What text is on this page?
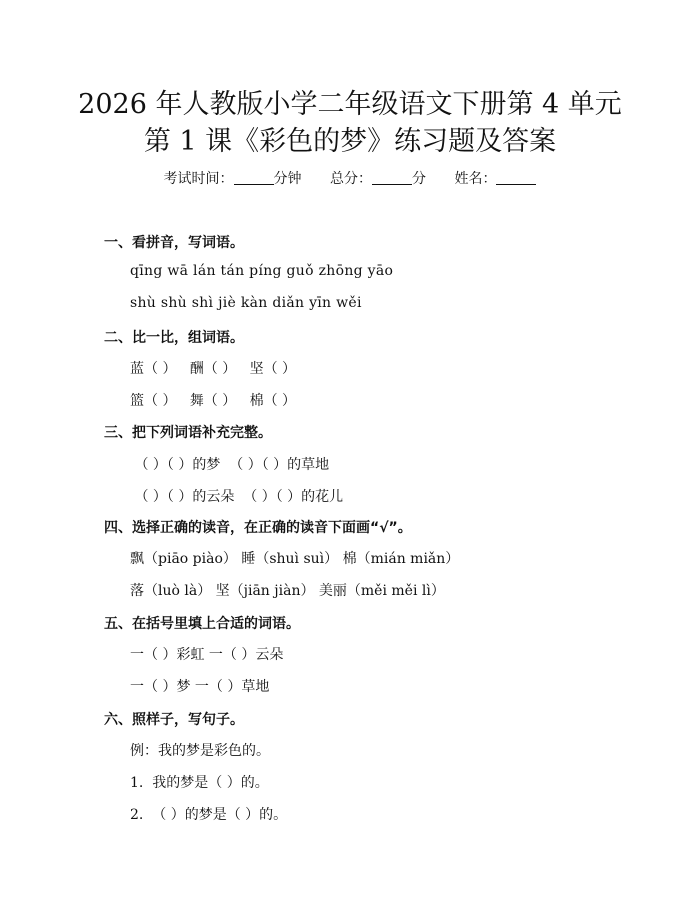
2026 年人教版小学二年级语文下册第 4 单元
第 1 课《彩色的梦》练习题及答案
考试时间：	分钟 总分：	分 姓名：
一、看拼音，写词语。
qīng wā lán tán píng guǒ zhōng yāo
shù shù shì jiè kàn diǎn yīn wěi
二、比一比，组词语。
蓝（ ）   酬（ ）   坚（ ）
篮（ ）   舞（ ）   棉（ ）
三、把下列词语补充完整。
（ ）（ ）的梦  （ ）（ ）的草地
（ ）（ ）的云朵  （ ）（ ）的花儿
四、选择正确的读音，在正确的读音下面画“√”。
飘（piāo piào） 睡（shuì suì） 棉（mián miǎn）
落（luò là） 坚（jiān jiàn） 美丽（měi měi lì）
五、在括号里填上合适的词语。
一（ ）彩虹 一（ ）云朵
一（ ）梦 一（ ）草地
六、照样子，写句子。
例：我的梦是彩色的。
1.  我的梦是（ ）的。
2.  （ ）的梦是（ ）的。
